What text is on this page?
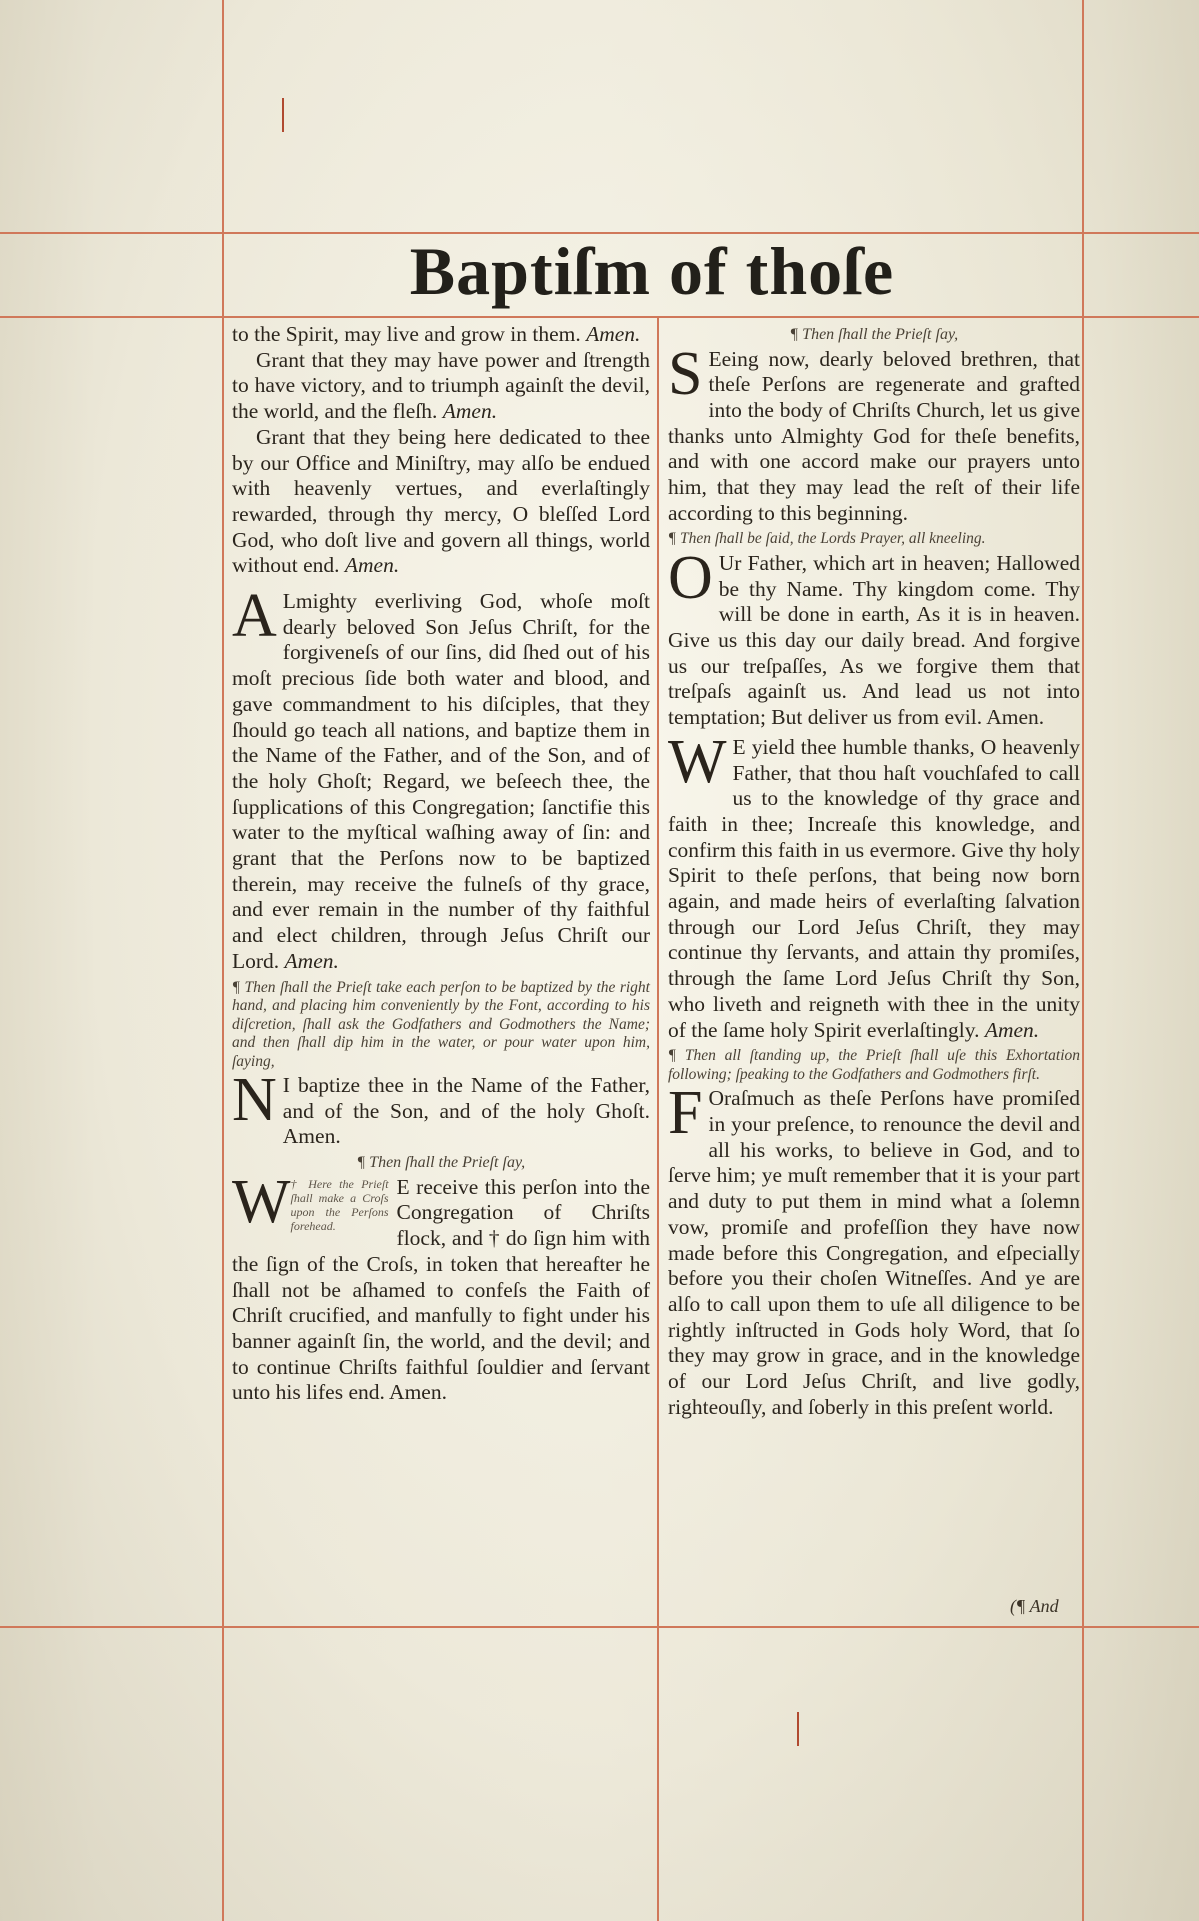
Baptiſm of thoſe

to the Spirit, may live and grow in them. Amen.

Grant that they may have power and ſtrength to have victory, and to triumph againſt the devil, the world, and the fleſh. Amen.

Grant that they being here dedicated to thee by our Office and Miniſtry, may alſo be endued with heavenly vertues, and everlaſtingly rewarded, through thy mercy, O bleſſed Lord God, who doſt live and govern all things, world without end. Amen.

A Lmighty everliving God, whoſe moſt dearly beloved Son Jeſus Chriſt, for the forgiveneſs of our ſins, did ſhed out of his moſt precious ſide both water and blood, and gave commandment to his diſciples, that they ſhould go teach all nations, and baptize them in the Name of the Father, and of the Son, and of the holy Ghoſt; Regard, we beſeech thee, the ſupplications of this Congregation; ſanctifie this water to the myſtical waſhing away of ſin: and grant that the Perſons now to be baptized therein, may receive the fulneſs of thy grace, and ever remain in the number of thy faithful and elect children, through Jeſus Chriſt our Lord. Amen.

¶ Then ſhall the Prieſt take each perſon to be baptized by the right hand, and placing him conveniently by the Font, according to his diſcretion, ſhall ask the Godfathers and Godmothers the Name; and then ſhall dip him in the water, or pour water upon him, ſaying,

N I baptize thee in the Name of the Father, and of the Son, and of the holy Ghoſt. Amen.

¶ Then ſhall the Prieſt ſay,

W † Here the Prieſt ſhall make a Croſs upon the Perſons forehead.
E receive this perſon into the Congregation of Chriſts flock, and † do ſign him with the ſign of the Croſs, in token that hereafter he ſhall not be aſhamed to confeſs the Faith of Chriſt crucified, and manfully to fight under his banner againſt ſin, the world, and the devil; and to continue Chriſts faithful ſouldier and ſervant unto his lifes end. Amen.

¶ Then ſhall the Prieſt ſay,

S Eeing now, dearly beloved brethren, that theſe Perſons are regenerate and grafted into the body of Chriſts Church, let us give thanks unto Almighty God for theſe benefits, and with one accord make our prayers unto him, that they may lead the reſt of their life according to this beginning.

¶ Then ſhall be ſaid, the Lords Prayer, all kneeling.

O Ur Father, which art in heaven; Hallowed be thy Name. Thy kingdom come. Thy will be done in earth, As it is in heaven. Give us this day our daily bread. And forgive us our treſpaſſes, As we forgive them that treſpaſs againſt us. And lead us not into temptation; But deliver us from evil. Amen.

W E yield thee humble thanks, O heavenly Father, that thou haſt vouchſafed to call us to the knowledge of thy grace and faith in thee; Increaſe this knowledge, and confirm this faith in us evermore. Give thy holy Spirit to theſe perſons, that being now born again, and made heirs of everlaſting ſalvation through our Lord Jeſus Chriſt, they may continue thy ſervants, and attain thy promiſes, through the ſame Lord Jeſus Chriſt thy Son, who liveth and reigneth with thee in the unity of the ſame holy Spirit everlaſtingly. Amen.

¶ Then all ſtanding up, the Prieſt ſhall uſe this Exhortation following; ſpeaking to the Godfathers and Godmothers firſt.

F Oraſmuch as theſe Perſons have promiſed in your preſence, to renounce the devil and all his works, to believe in God, and to ſerve him; ye muſt remember that it is your part and duty to put them in mind what a ſolemn vow, promiſe and profeſſion they have now made before this Congregation, and eſpecially before you their choſen Witneſſes. And ye are alſo to call upon them to uſe all diligence to be rightly inſtructed in Gods holy Word, that ſo they may grow in grace, and in the knowledge of our Lord Jeſus Chriſt, and live godly, righteouſly, and ſoberly in this preſent world.

(¶ And
